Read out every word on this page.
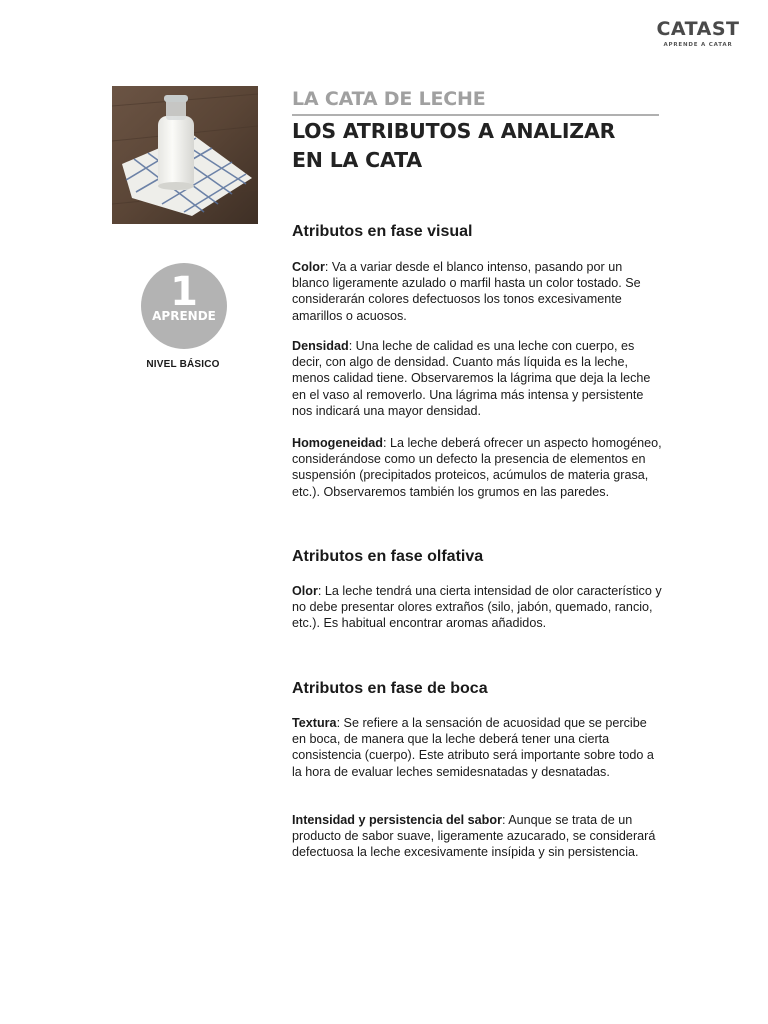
CATAST
APRENDE A CATAR
1
APRENDE
NIVEL BÁSICO
LA CATA DE LECHE
LOS ATRIBUTOS A ANALIZAR
EN LA CATA
Atributos en fase visual

Color: Va a variar desde el blanco intenso, pasando por un blanco ligeramente azulado o marfil hasta un color tostado. Se considerarán colores defectuosos los tonos excesivamente amarillos o acuosos.

Densidad: Una leche de calidad es una leche con cuerpo, es decir, con algo de densidad. Cuanto más líquida es la leche, menos calidad tiene. Observaremos la lágrima que deja la leche en el vaso al removerlo. Una lágrima más intensa y persistente nos indicará una mayor densidad.

Homogeneidad: La leche deberá ofrecer un aspecto homogéneo, considerándose como un defecto la presencia de elementos en suspensión (precipitados proteicos, acúmulos de materia grasa, etc.). Observaremos también los grumos en las paredes.

Atributos en fase olfativa

Olor: La leche tendrá una cierta intensidad de olor característico y no debe presentar olores extraños (silo, jabón, quemado, rancio, etc.). Es habitual encontrar aromas añadidos.

Atributos en fase de boca

Textura: Se refiere a la sensación de acuosidad que se percibe en boca, de manera que la leche deberá tener una cierta consistencia (cuerpo). Este atributo será importante sobre todo a la hora de evaluar leches semidesnatadas y desnatadas.

Intensidad y persistencia del sabor: Aunque se trata de un producto de sabor suave, ligeramente azucarado, se considerará defectuosa la leche excesivamente insípida y sin persistencia.
